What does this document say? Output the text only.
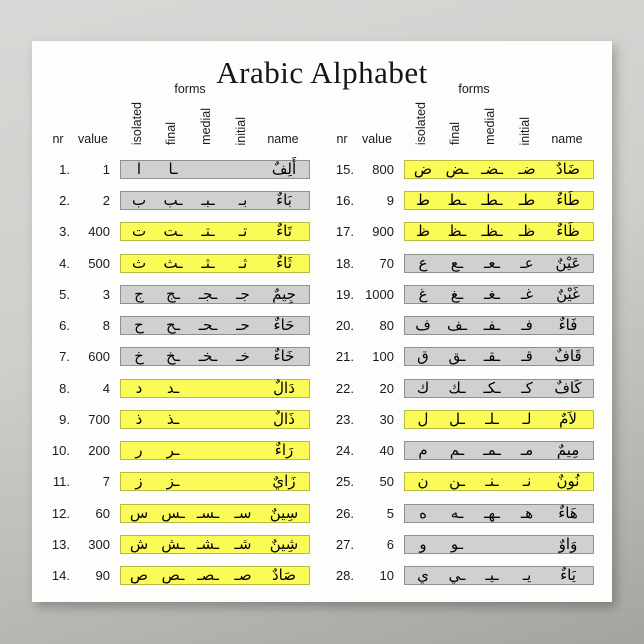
Arabic Alphabet
forms
nr value isolated final medial initial name
1.	1 ا ـا	أَلِفٌ
2.	2 ب ـب ـبـ بـ بَاءٌ
3.	400 ت ـت ـتـ تـ تَاءٌ
4.	500 ث ـث ـثـ ثـ ثَاءٌ
5.	3 ج ـج ـجـ جـ جِيمٌ
6.	8 ح ـح ـحـ حـ حَاءٌ
7.	600 خ ـخ ـخـ خـ خَاءٌ
8.	4 د ـد	دَالٌ
9.	700 ذ ـذ	ذَالٌ
10.	200 ر ـر	رَاءٌ
11.	7 ز ـز	زَايٌ
12.	60 س ـس ـسـ سـ سِينٌ
13.	300 ش ـش ـشـ شـ شِينٌ
14.	90 ص ـص ـصـ صـ صَادٌ
forms
nr value isolated final medial initial name
15.	800 ض ـض ـضـ ضـ ضَادٌ
16.	9 ط ـط ـطـ طـ طَاءٌ
17.	900 ظ ـظ ـظـ ظـ ظَاءٌ
18.	70 ع ـع ـعـ عـ عَيْنٌ
19. 1000 غ ـغ ـغـ غـ غَيْنٌ
20.	80 ف ـف ـفـ فـ فَاءٌ
21.	100 ق ـق ـقـ قـ قَافٌ
22.	20 ك ـك ـكـ كـ كَافٌ
23.	30 ل ـل ـلـ لـ لاَمٌ
24.	40 م ـم ـمـ مـ مِيمٌ
25.	50 ن ـن ـنـ نـ نُونٌ
26.	5 ه ـه ـهـ هـ هَاءٌ
27.	6 و ـو	وَاوٌ
28.	10 ي ـي ـيـ يـ يَاءٌ
